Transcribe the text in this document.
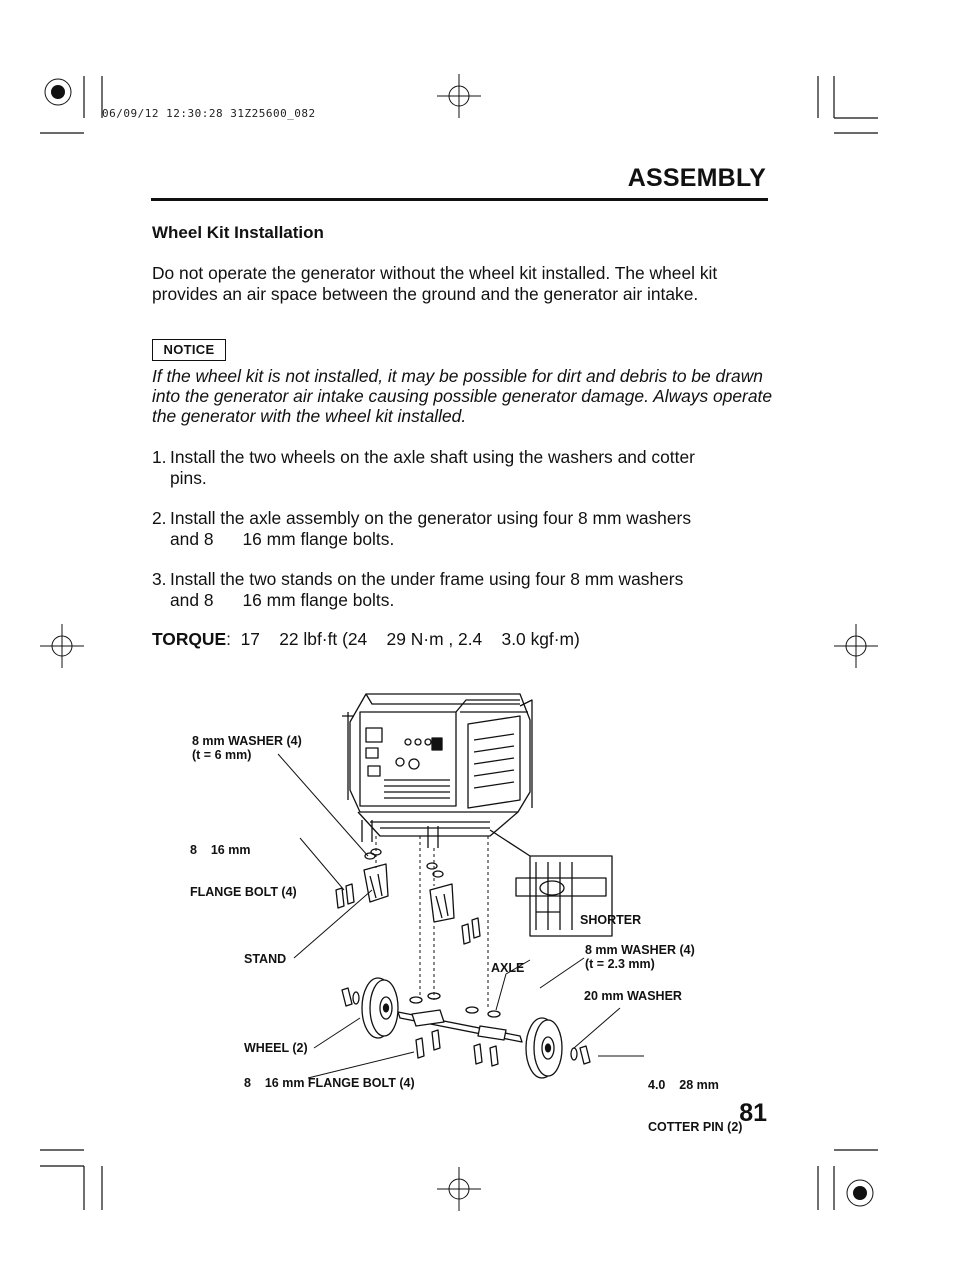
06/09/12 12:30:28 31Z25600_082
ASSEMBLY
Wheel Kit Installation
Do not operate the generator without the wheel kit installed. The wheel kit provides an air space between the ground and the generator air intake.
NOTICE
If the wheel kit is not installed, it may be possible for dirt and debris to be drawn into the generator air intake causing possible generator damage. Always operate the generator with the wheel kit installed.
1. Install the two wheels on the axle shaft using the washers and cotter
pins.
2. Install the axle assembly on the generator using four 8 mm washers
and 8      16 mm flange bolts.
3. Install the two stands on the under frame using four 8 mm washers
and 8      16 mm flange bolts.
TORQUE:  17    22 lbf·ft (24    29 N·m , 2.4    3.0 kgf·m)
8 mm WASHER (4)
(t = 6 mm)

8    16 mm

FLANGE BOLT (4)

SHORTER
STAND
AXLE
8 mm WASHER (4)
(t = 2.3 mm)
20 mm WASHER
WHEEL (2)

4.0    28 mm

COTTER PIN (2)

8    16 mm FLANGE BOLT (4)
81
